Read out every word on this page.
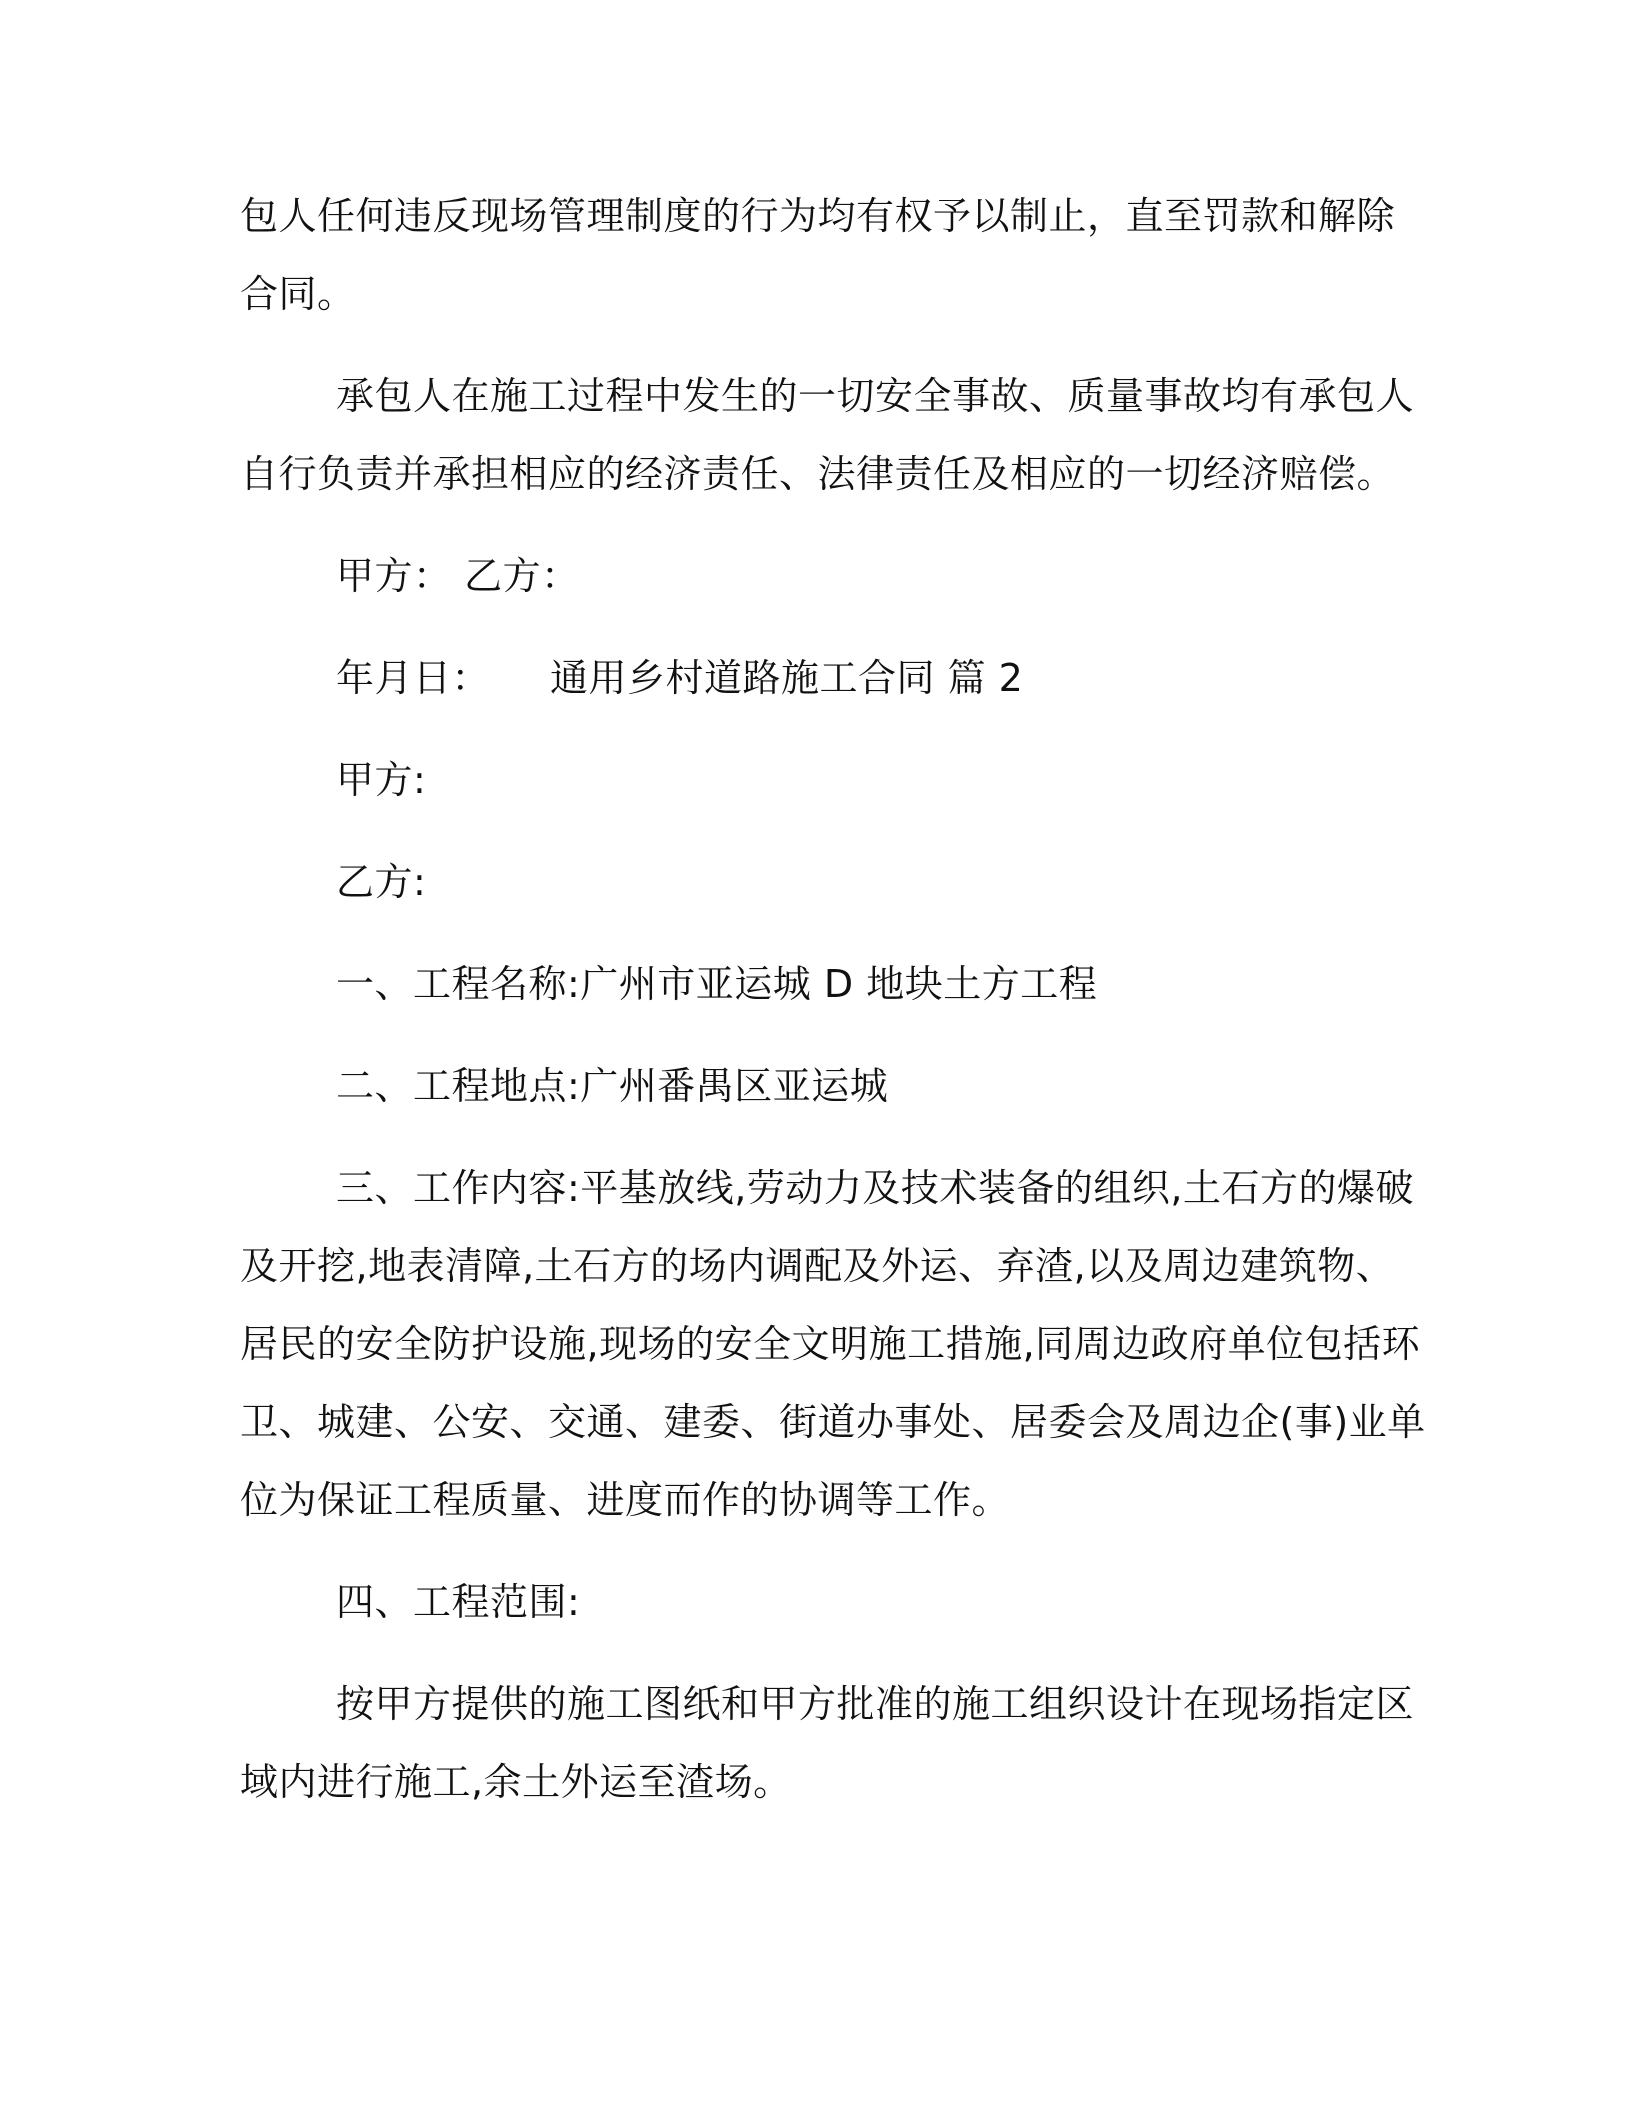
包人任何违反现场管理制度的行为均有权予以制止，直至罚款和解除
合同。
承包人在施工过程中发生的一切安全事故、质量事故均有承包人
自行负责并承担相应的经济责任、法律责任及相应的一切经济赔偿。
甲方： 乙方：
年月日： 通用乡村道路施工合同 篇 2
甲方:
乙方:
一、工程名称:广州市亚运城 D 地块土方工程
二、工程地点:广州番禺区亚运城
三、工作内容:平基放线,劳动力及技术装备的组织,土石方的爆破
及开挖,地表清障,土石方的场内调配及外运、弃渣,以及周边建筑物、
居民的安全防护设施,现场的安全文明施工措施,同周边政府单位包括环
卫、城建、公安、交通、建委、街道办事处、居委会及周边企(事)业单
位为保证工程质量、进度而作的协调等工作。
四、工程范围:
按甲方提供的施工图纸和甲方批准的施工组织设计在现场指定区
域内进行施工,余土外运至渣场。
